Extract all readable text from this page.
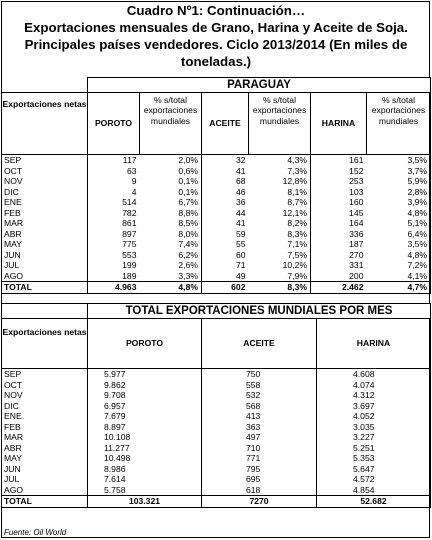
Cuadro Nº1: Continuación…
Exportaciones mensuales de Grano, Harina y Aceite de Soja.
Principales países vendedores. Ciclo 2013/2014 (En miles de
toneladas.)
	PARAGUAY					
Exportaciones netas	POROTO	% s/total exportaciones mundiales	ACEITE	% s/total exportaciones mundiales	HARINA	% s/total exportaciones mundiales
SEP	117	2,0%	32	4,3%	161	3,5%
OCT	63	0,6%	41	7,3%	152	3,7%
NOV	9	0,1%	68	12,8%	253	5,9%
DIC	4	0,1%	46	8,1%	103	2,8%
ENE	514	6,7%	36	8,7%	160	3,9%
FEB	782	8,8%	44	12,1%	145	4,8%
MAR	861	8,5%	41	8,2%	164	5,1%
ABR	897	8,0%	59	8,3%	336	6,4%
MAY	775	7,4%	55	7,1%	187	3,5%
JUN	553	6,2%	60	7,5%	270	4,8%
JUL	199	2,6%	71	10,2%	331	7,2%
AGO	189	3,3%	49	7,9%	200	4,1%
TOTAL	4.963	4,8%	602	8,3%	2.462	4,7%
	TOTAL EXPORTACIONES MUNDIALES POR MES		
Exportaciones netas	POROTO	ACEITE	HARINA
SEP	5.977	750	4.608
OCT	9.862	558	4.074
NOV	9.708	532	4.312
DIC	6.957	568	3.697
ENE	7.679	413	4.052
FEB	8.897	363	3.035
MAR	10.108	497	3.227
ABR	11.277	710	5.251
MAY	10.498	771	5.353
JUN	8.986	795	5.647
JUL	7.614	695	4.572
AGO	5.758	618	4.854
TOTAL	103.321	7270	52.682
Fuente: Oil World
